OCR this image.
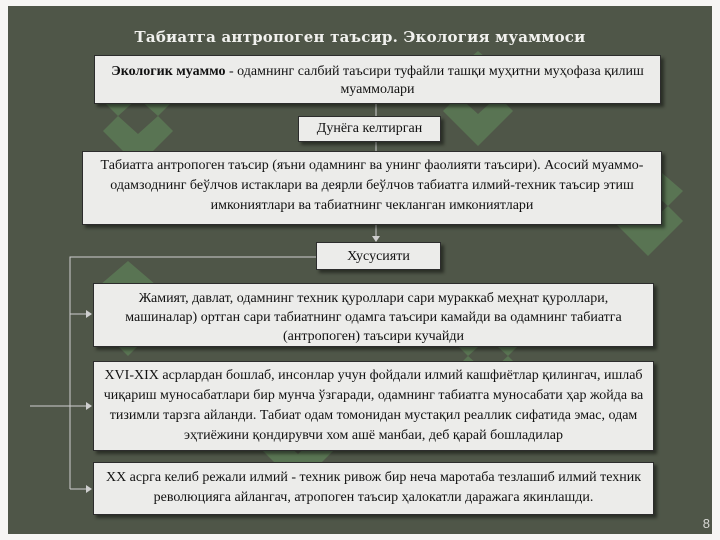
Табиатга антропоген таъсир. Экология муаммоси
Экологик муаммо - одамнинг салбий таъсири туфайли ташқи муҳитни муҳофаза қилиш муаммолари
Дунёга келтирган
Табиатга антропоген таъсир (яъни одамнинг ва унинг фаолияти таъсири). Асосий муаммо-одамзоднинг беўлчов истаклари ва деярли беўлчов табиатга илмий-техник таъсир этиш имкониятлари ва табиатнинг чекланган имкониятлари
Хусусияти
Жамият, давлат, одамнинг техник қуроллари сари мураккаб меҳнат қуроллари, машиналар) ортган сари табиатнинг одамга таъсири камайди ва одамнинг табиатга (антропоген) таъсири кучайди
XVI-XIX асрлардан бошлаб, инсонлар учун фойдали илмий кашфиётлар қилингач, ишлаб чиқариш муносабатлари бир мунча ўзгаради, одамнинг табиатга муносабати ҳар жойда ва тизимли тарзга айланди. Табиат одам томонидан мустақил реаллик сифатида эмас, одам эҳтиёжини қондирувчи хом ашё манбаи, деб қарай бошладилар
XX асрга келиб режали илмий - техник ривож бир неча маротаба тезлашиб илмий техник революцияга айлангач, атропоген таъсир ҳалокатли даражага якинлашди.
8
